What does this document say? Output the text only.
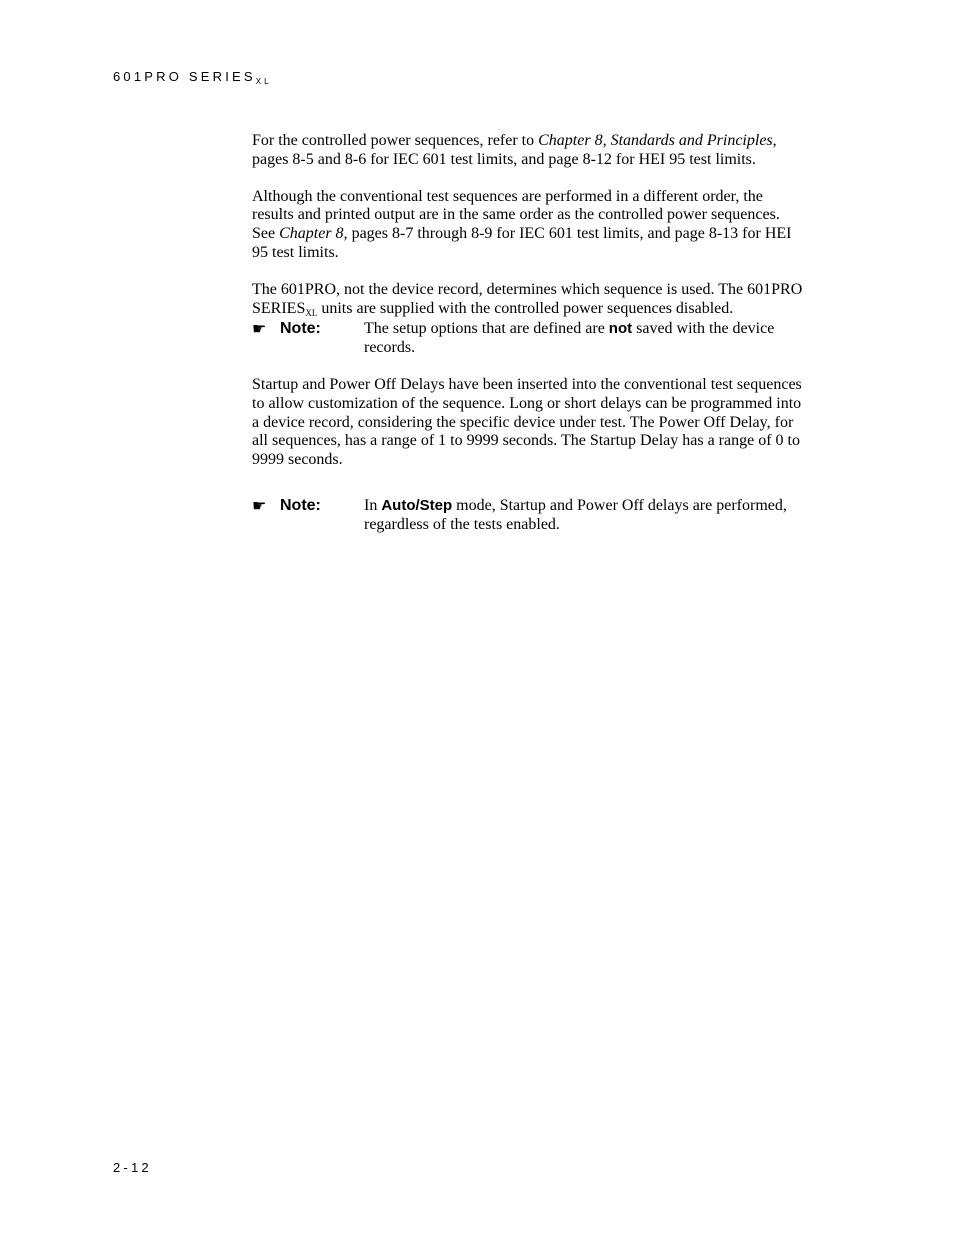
601PRO $SERIES_{XL}$

For the controlled power sequences, refer to Chapter 8, Standards and Principles, pages 8-5 and 8-6 for IEC 601 test limits, and page 8-12 for HEI 95 test limits.

Although the conventional test sequences are performed in a different order, the results and printed output are in the same order as the controlled power sequences. See Chapter 8, pages 8-7 through 8-9 for IEC 601 test limits, and page 8-13 for HEI 95 test limits.

The 601PRO, not the device record, determines which sequence is used. The 601PRO SERIESXL units are supplied with the controlled power sequences disabled.

☛ Note:	The setup options that are defined are not saved with the device records.

Startup and Power Off Delays have been inserted into the conventional test sequences to allow customization of the sequence. Long or short delays can be programmed into a device record, considering the specific device under test. The Power Off Delay, for all sequences, has a range of 1 to 9999 seconds. The Startup Delay has a range of 0 to 9999 seconds.

☛ Note:	In Auto/Step mode, Startup and Power Off delays are performed, regardless of the tests enabled.
2-12
